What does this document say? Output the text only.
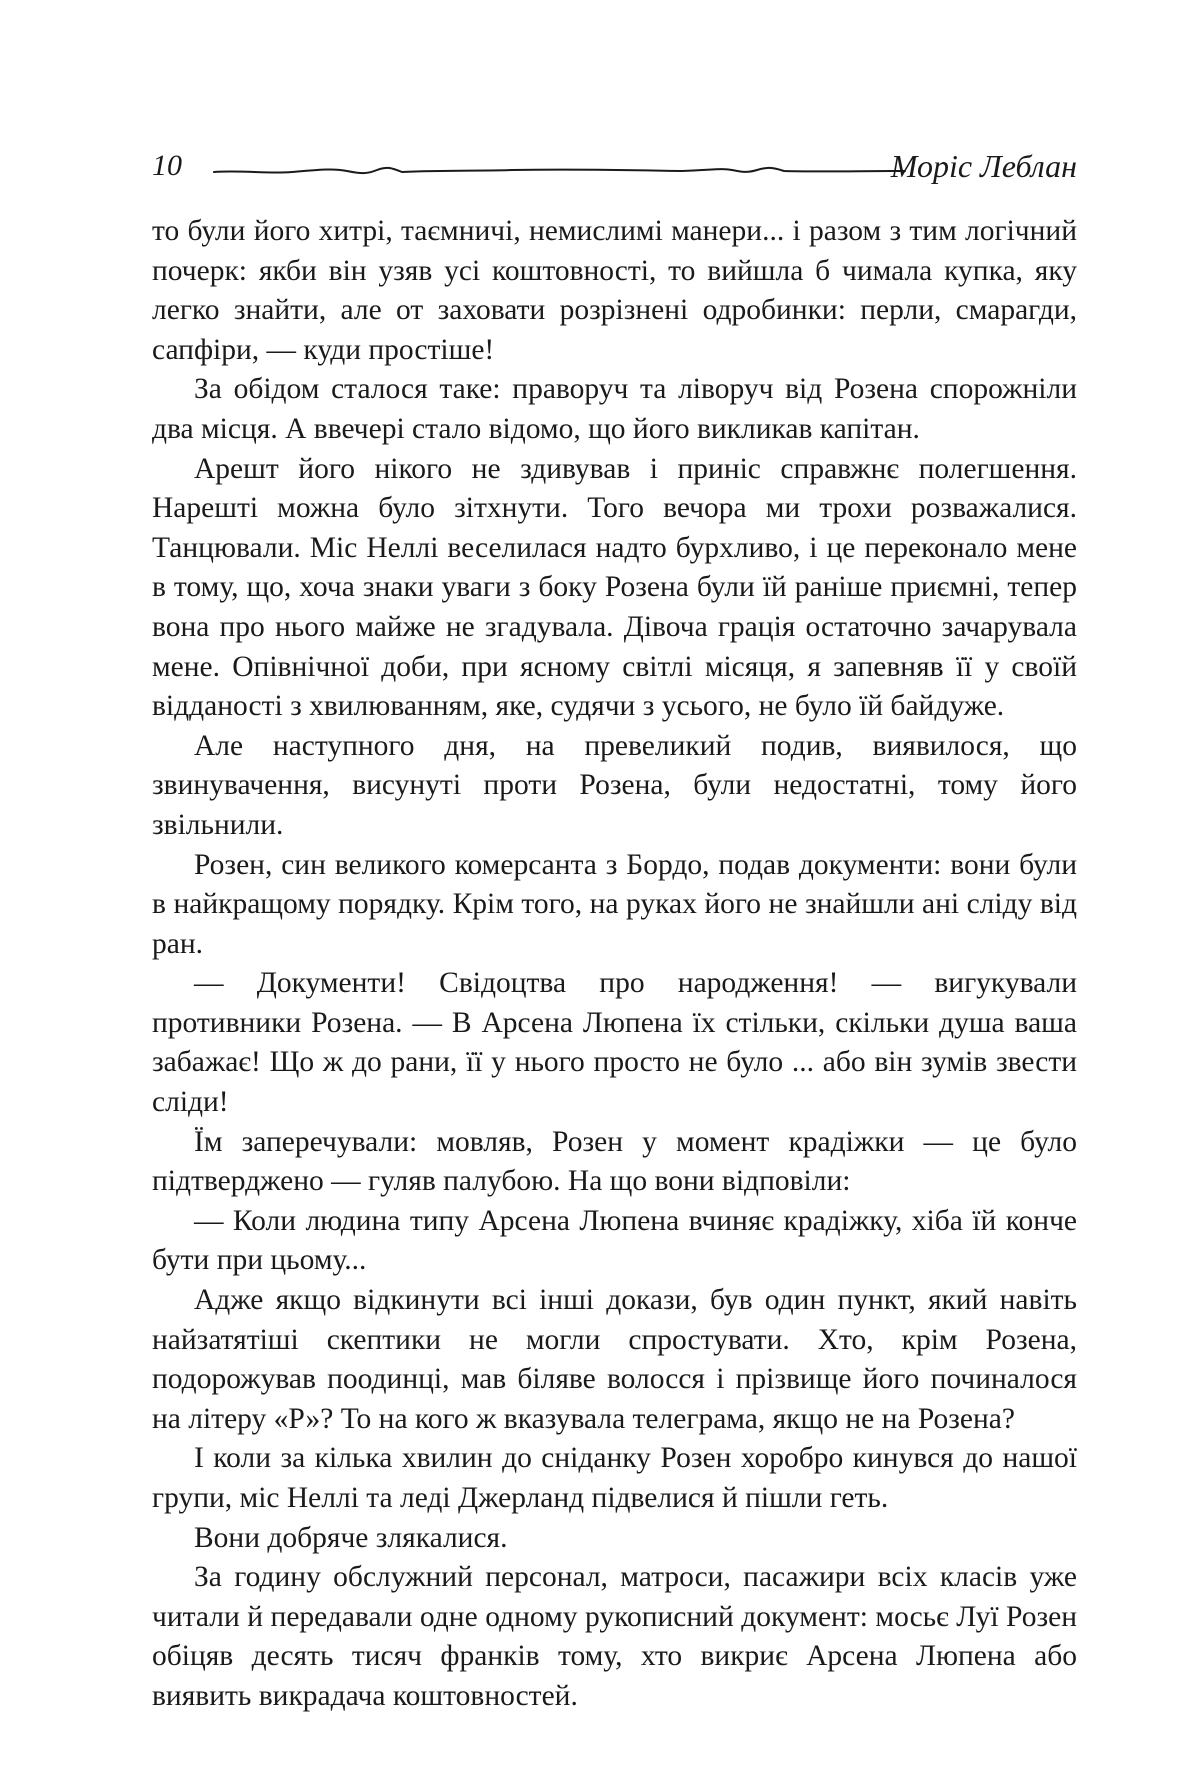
10	Моріс Леблан

то були його хитрі, таємничі, немислимі манери... і разом з тим логічний почерк: якби він узяв усі коштовності, то вийшла б чимала купка, яку легко знайти, але от заховати розрізнені одробинки: перли, смарагди, сапфіри, — куди простіше!

За обідом сталося таке: праворуч та ліворуч від Розена спорожніли два місця. А ввечері стало відомо, що його викликав капітан.

Арешт його нікого не здивував і приніс справжнє полегшення. Нарешті можна було зітхнути. Того вечора ми трохи розважалися. Танцювали. Міс Неллі веселилася надто бурхливо, і це переконало мене в тому, що, хоча знаки уваги з боку Розена були їй раніше приємні, тепер вона про нього майже не згадувала. Дівоча грація остаточно зачарувала мене. Опівнічної доби, при ясному світлі місяця, я запевняв її у своїй відданості з хвилюванням, яке, судячи з усього, не було їй байдуже.

Але наступного дня, на превеликий подив, виявилося, що звинувачення, висунуті проти Розена, були недостатні, тому його звільнили.

Розен, син великого комерсанта з Бордо, подав документи: вони були в найкращому порядку. Крім того, на руках його не знайшли ані сліду від ран.

— Документи! Свідоцтва про народження! — вигукували противники Розена. — В Арсена Люпена їх стільки, скільки душа ваша забажає! Що ж до рани, її у нього просто не було ... або він зумів звести сліди!

Їм заперечували: мовляв, Розен у момент крадіжки — це було підтверджено — гуляв палубою. На що вони відповіли:

— Коли людина типу Арсена Люпена вчиняє крадіжку, хіба їй конче бути при цьому...

Адже якщо відкинути всі інші докази, був один пункт, який навіть найзатятіші скептики не могли спростувати. Хто, крім Розена, подорожував поодинці, мав біляве волосся і прізвище його починалося на літеру «Р»? То на кого ж вказувала телеграма, якщо не на Розена?

І коли за кілька хвилин до сніданку Розен хоробро кинувся до нашої групи, міс Неллі та леді Джерланд підвелися й пішли геть.

Вони добряче злякалися.

За годину обслужний персонал, матроси, пасажири всіх класів уже читали й передавали одне одному рукописний документ: мосьє Луї Розен обіцяв десять тисяч франків тому, хто викриє Арсена Люпена або виявить викрадача коштовностей.
